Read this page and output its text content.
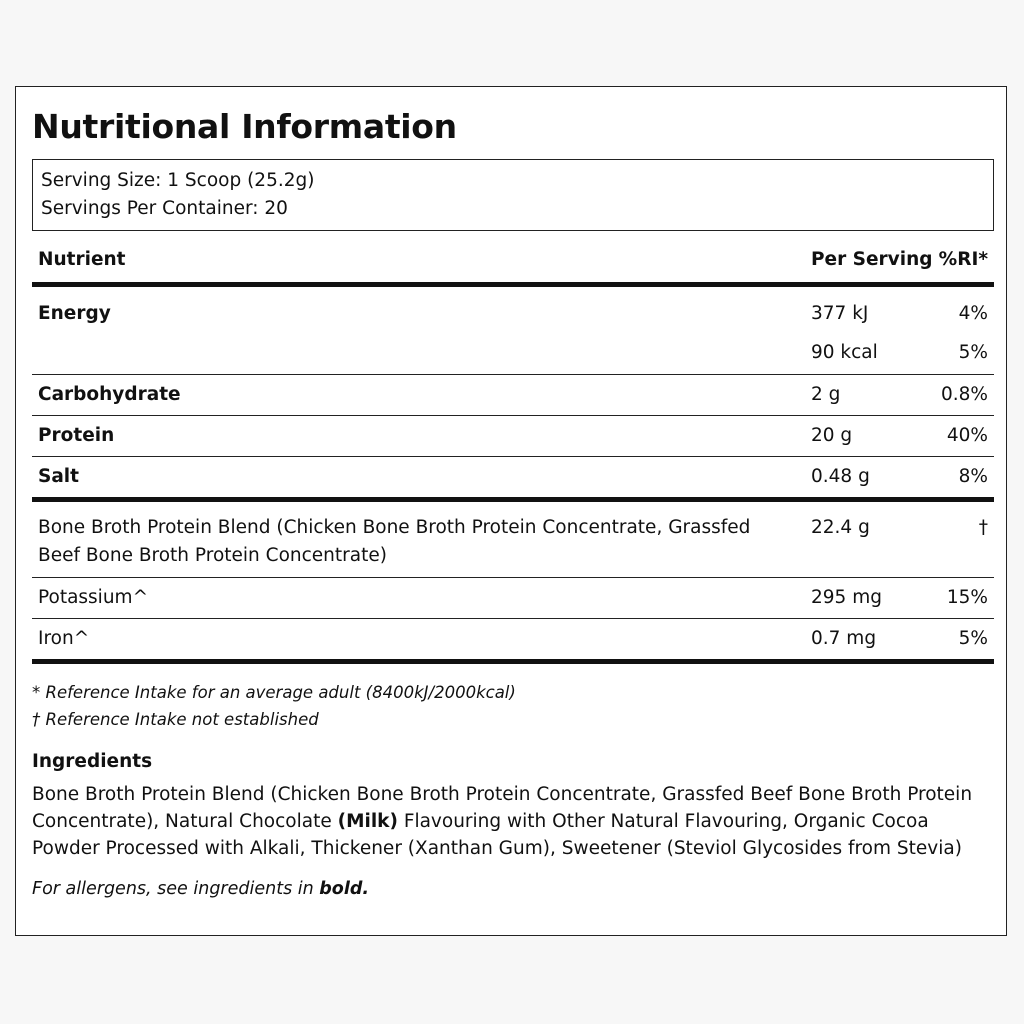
Nutritional Information
Serving Size: 1 Scoop (25.2g)
Servings Per Container: 20
Nutrient	Per Serving %RI*
Energy	377 kJ	4%
90 kcal	5%
Carbohydrate	2 g	0.8%
Protein	20 g	40%
Salt	0.48 g	8%
Bone Broth Protein Blend (Chicken Bone Broth Protein Concentrate, Grassfed
Beef Bone Broth Protein Concentrate)
22.4 g	†
Potassium^	295 mg	15%
Iron^	0.7 mg	5%
* Reference Intake for an average adult (8400kJ/2000kcal)
† Reference Intake not established
Ingredients
Bone Broth Protein Blend (Chicken Bone Broth Protein Concentrate, Grassfed Beef Bone Broth Protein Concentrate), Natural Chocolate (Milk) Flavouring with Other Natural Flavouring, Organic Cocoa Powder Processed with Alkali, Thickener (Xanthan Gum), Sweetener (Steviol Glycosides from Stevia)
For allergens, see ingredients in bold.
